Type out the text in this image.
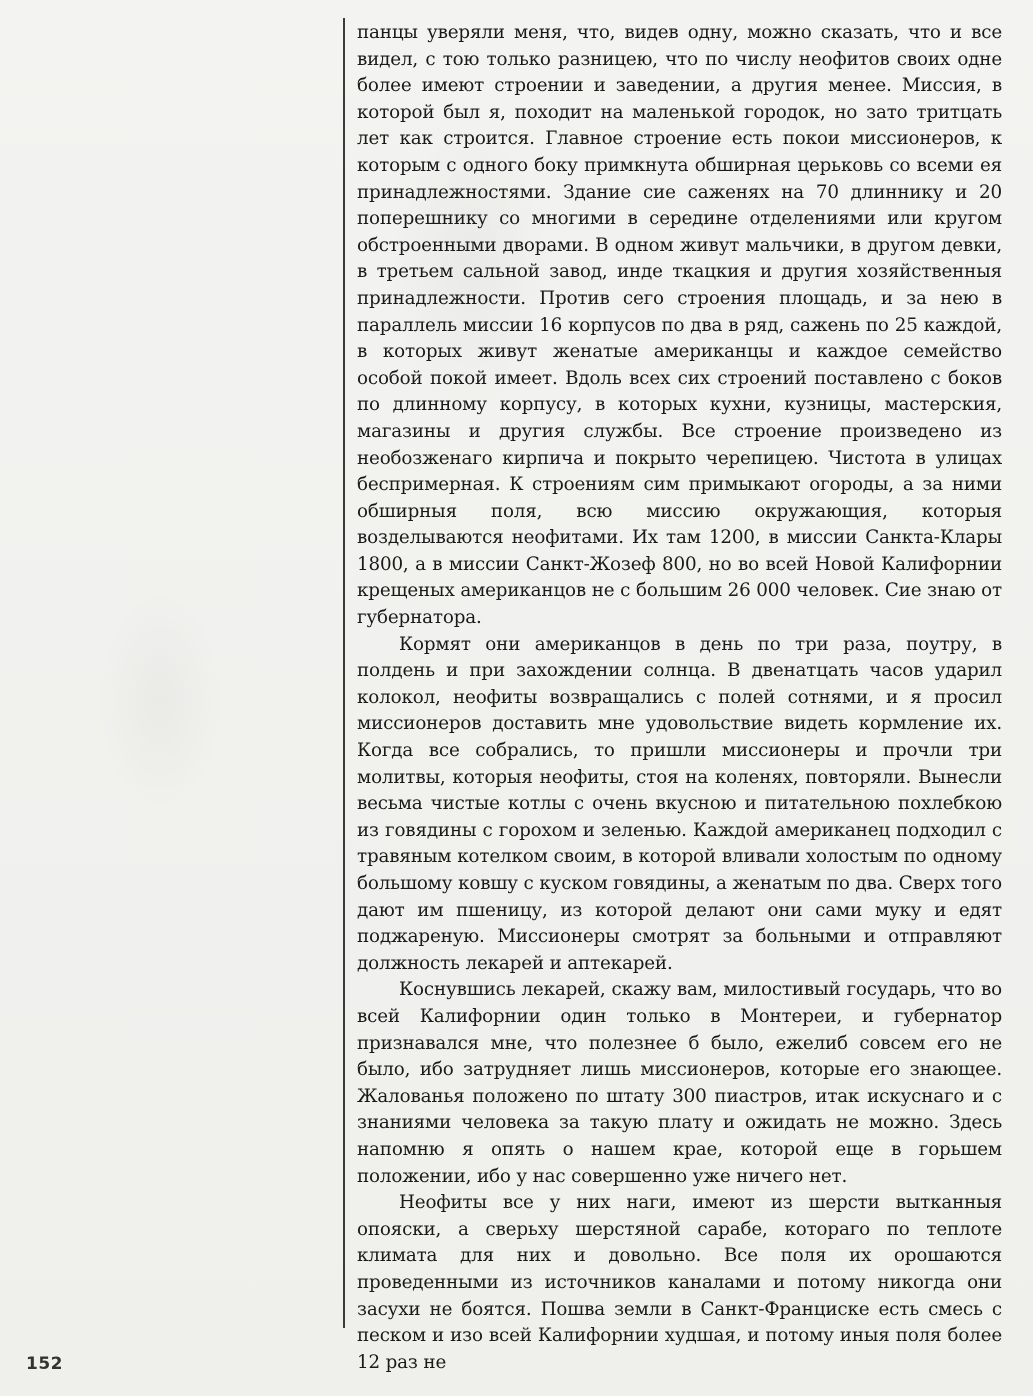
панцы уверяли меня, что, видев одну, можно сказать, что и все видел, с тою только разницею, что по числу неофитов своих одне более имеют строении и заведении, а другия менее. Миссия, в которой был я, походит на маленькой городок, но зато тритцать лет как строится. Главное строение есть покои миссионеров, к которым с одного боку примкнута обширная церьковь со всеми ея принадлежностями. Здание сие саженях на 70 длиннику и 20 поперешнику со многими в середине отделениями или кругом обстроенными дворами. В одном живут мальчики, в другом девки, в третьем сальной завод, инде ткацкия и другия хозяйственныя принадлежности. Против сего строения площадь, и за нею в параллель миссии 16 корпусов по два в ряд, сажень по 25 каждой, в которых живут женатые американцы и каждое семейство особой покой имеет. Вдоль всех сих строений поставлено с боков по длинному корпусу, в которых кухни, кузницы, мастерския, магазины и другия службы. Все строение произведено из необозженаго кирпича и покрыто черепицею. Чистота в улицах беспримерная. К строениям сим примыкают огороды, а за ними обширныя поля, всю миссию окружающия, которыя возделываются неофитами. Их там 1200, в миссии Санкта-Клары 1800, а в миссии Санкт-Жозеф 800, но во всей Новой Калифорнии крещеных американцов не с большим 26 000 человек. Сие знаю от губернатора.

Кормят они американцов в день по три раза, поутру, в полдень и при захождении солнца. В двенатцать часов ударил колокол, неофиты возвращались с полей сотнями, и я просил миссионеров доставить мне удовольствие видеть кормление их. Когда все собрались, то пришли миссионеры и прочли три молитвы, которыя неофиты, стоя на коленях, повторяли. Вынесли весьма чистые котлы с очень вкусною и питательною похлебкою из говядины с горохом и зеленью. Каждой американец подходил с травяным котелком своим, в которой вливали холостым по одному большому ковшу с куском говядины, а женатым по два. Сверх того дают им пшеницу, из которой делают они сами муку и едят поджареную. Миссионеры смотрят за больными и отправляют должность лекарей и аптекарей.

Коснувшись лекарей, скажу вам, милостивый государь, что во всей Калифорнии один только в Монтереи, и губернатор признавался мне, что полезнее б было, ежелиб совсем его не было, ибо затрудняет лишь миссионеров, которые его знающее. Жалованья положено по штату 300 пиастров, итак искуснаго и с знаниями человека за такую плату и ожидать не можно. Здесь напомню я опять о нашем крае, которой еще в горьшем положении, ибо у нас совершенно уже ничего нет.

Неофиты все у них наги, имеют из шерсти вытканныя опояски, а сверьху шерстяной сарабе, котораго по теплоте климата для них и довольно. Все поля их орошаются проведенными из источников каналами и потому никогда они засухи не боятся. Пошва земли в Санкт-Франциске есть смесь с песком и изо всей Калифорнии худшая, и потому иныя поля более 12 раз не

152
